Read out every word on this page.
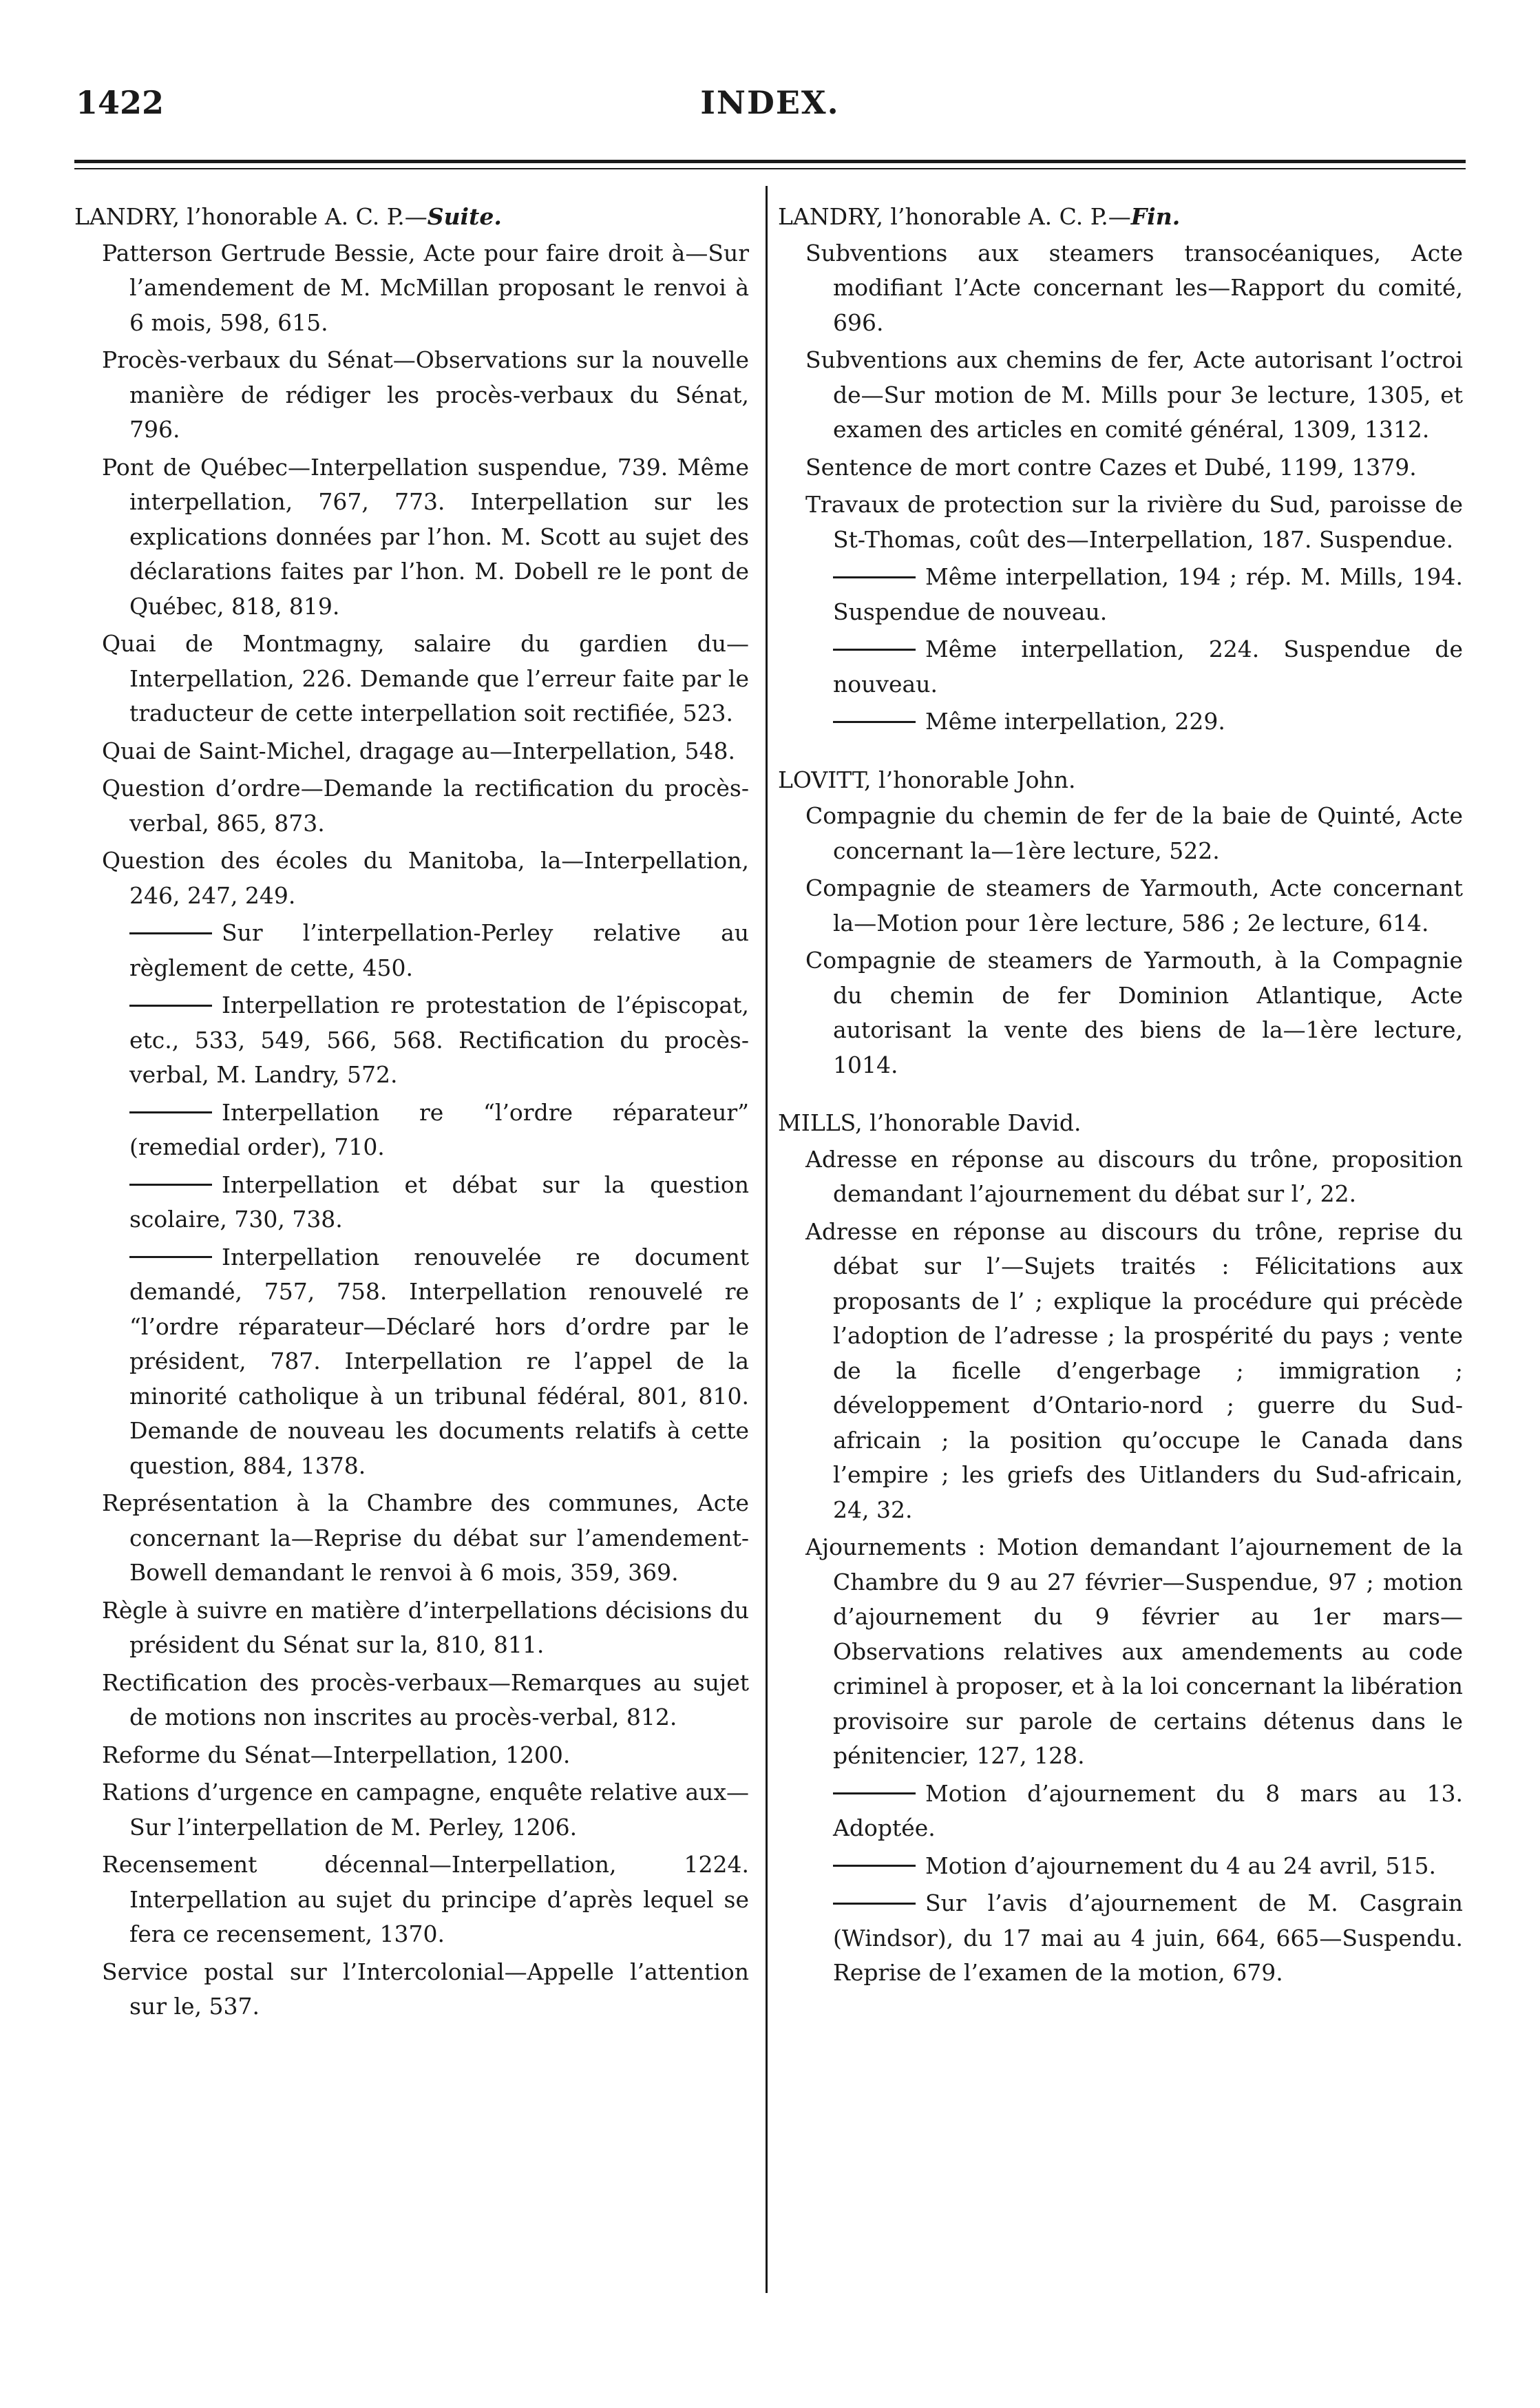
1422	INDEX.
LANDRY, l’honorable A. C. P.—Suite.
Patterson Gertrude Bessie, Acte pour faire droit à—Sur l’amendement de M. McMillan proposant le renvoi à 6 mois, 598, 615.
Procès-verbaux du Sénat—Observations sur la nouvelle manière de rédiger les procès-verbaux du Sénat, 796.
Pont de Québec—Interpellation suspendue, 739. Même interpellation, 767, 773. Interpellation sur les explications données par l’hon. M. Scott au sujet des déclarations faites par l’hon. M. Dobell re le pont de Québec, 818, 819.
Quai de Montmagny, salaire du gardien du—Interpellation, 226. Demande que l’erreur faite par le traducteur de cette interpellation soit rectifiée, 523.
Quai de Saint-Michel, dragage au—Interpellation, 548.
Question d’ordre—Demande la rectification du procès-verbal, 865, 873.
Question des écoles du Manitoba, la—Interpellation, 246, 247, 249.
Sur l’interpellation-Perley relative au règlement de cette, 450.
Interpellation re protestation de l’épiscopat, etc., 533, 549, 566, 568. Rectification du procès-verbal, M. Landry, 572.
Interpellation re “l’ordre réparateur” (remedial order), 710.
Interpellation et débat sur la question scolaire, 730, 738.
Interpellation renouvelée re document demandé, 757, 758. Interpellation renouvelé re “l’ordre réparateur—Déclaré hors d’ordre par le président, 787. Interpellation re l’appel de la minorité catholique à un tribunal fédéral, 801, 810. Demande de nouveau les documents relatifs à cette question, 884, 1378.
Représentation à la Chambre des communes, Acte concernant la—Reprise du débat sur l’amendement-Bowell demandant le renvoi à 6 mois, 359, 369.
Règle à suivre en matière d’interpellations décisions du président du Sénat sur la, 810, 811.
Rectification des procès-verbaux—Remarques au sujet de motions non inscrites au procès-verbal, 812.
Reforme du Sénat—Interpellation, 1200.
Rations d’urgence en campagne, enquête relative aux—Sur l’interpellation de M. Perley, 1206.
Recensement décennal—Interpellation, 1224. Interpellation au sujet du principe d’après lequel se fera ce recensement, 1370.
Service postal sur l’Intercolonial—Appelle l’attention sur le, 537.
LANDRY, l’honorable A. C. P.—Fin.
Subventions aux steamers transocéaniques, Acte modifiant l’Acte concernant les—Rapport du comité, 696.
Subventions aux chemins de fer, Acte autorisant l’octroi de—Sur motion de M. Mills pour 3e lecture, 1305, et examen des articles en comité général, 1309, 1312.
Sentence de mort contre Cazes et Dubé, 1199, 1379.
Travaux de protection sur la rivière du Sud, paroisse de St-Thomas, coût des—Interpellation, 187. Suspendue.
Même interpellation, 194 ; rép. M. Mills, 194. Suspendue de nouveau.
Même interpellation, 224. Suspendue de nouveau.
Même interpellation, 229.
LOVITT, l’honorable John.
Compagnie du chemin de fer de la baie de Quinté, Acte concernant la—1ère lecture, 522.
Compagnie de steamers de Yarmouth, Acte concernant la—Motion pour 1ère lecture, 586 ; 2e lecture, 614.
Compagnie de steamers de Yarmouth, à la Compagnie du chemin de fer Dominion Atlantique, Acte autorisant la vente des biens de la—1ère lecture, 1014.
MILLS, l’honorable David.
Adresse en réponse au discours du trône, proposition demandant l’ajournement du débat sur l’, 22.
Adresse en réponse au discours du trône, reprise du débat sur l’—Sujets traités : Félicitations aux proposants de l’ ; explique la procédure qui précède l’adoption de l’adresse ; la prospérité du pays ; vente de la ficelle d’engerbage ; immigration ; développement d’Ontario-nord ; guerre du Sud-africain ; la position qu’occupe le Canada dans l’empire ; les griefs des Uitlanders du Sud-africain, 24, 32.
Ajournements : Motion demandant l’ajournement de la Chambre du 9 au 27 février—Suspendue, 97 ; motion d’ajournement du 9 février au 1er mars—Observations relatives aux amendements au code criminel à proposer, et à la loi concernant la libération provisoire sur parole de certains détenus dans le pénitencier, 127, 128.
Motion d’ajournement du 8 mars au 13. Adoptée.
Motion d’ajournement du 4 au 24 avril, 515.
Sur l’avis d’ajournement de M. Casgrain (Windsor), du 17 mai au 4 juin, 664, 665—Suspendu. Reprise de l’examen de la motion, 679.
